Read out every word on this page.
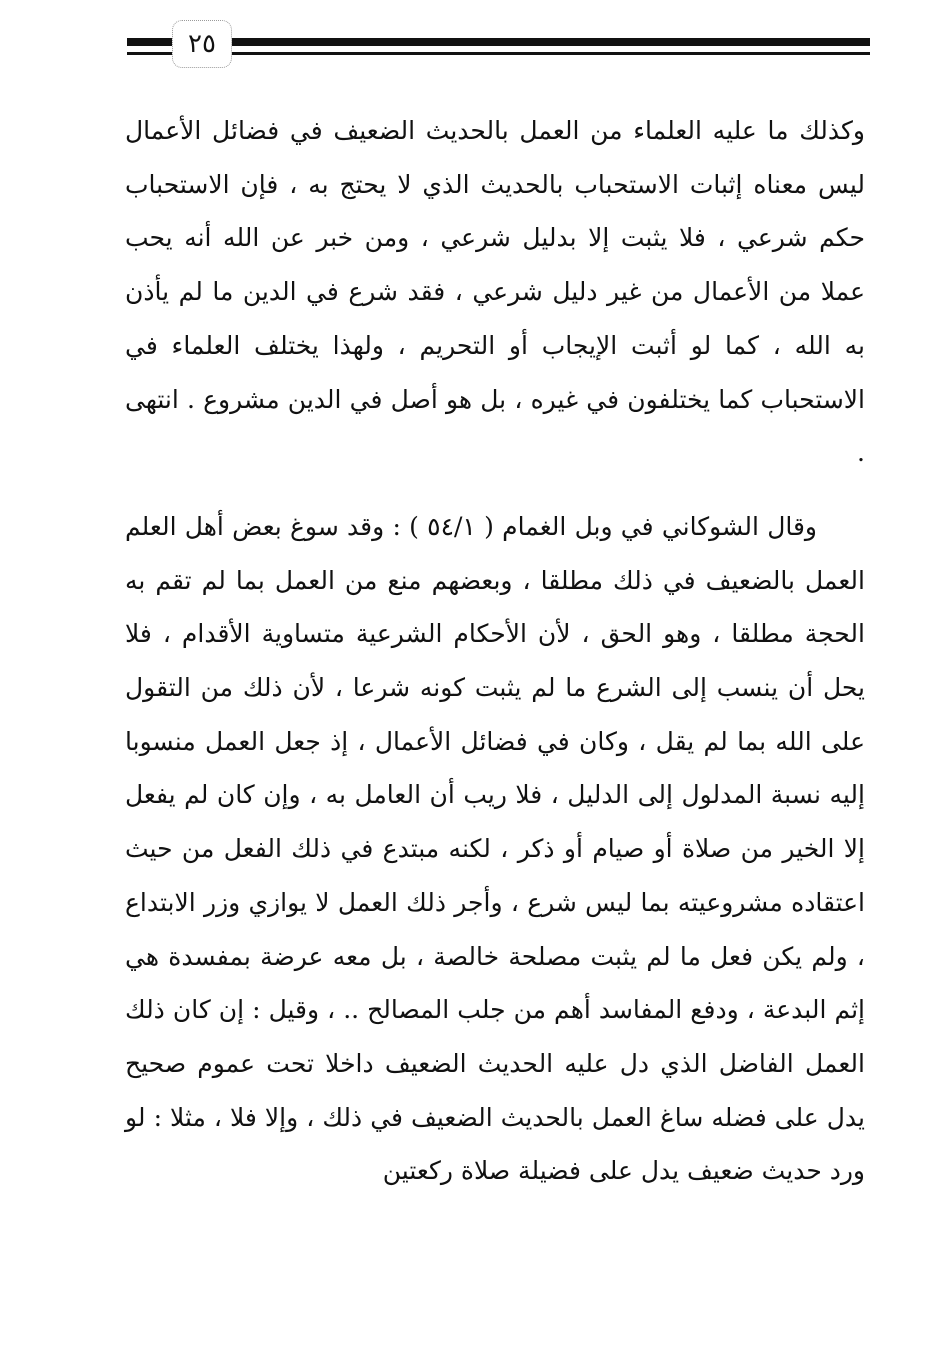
٢٥

وكذلك ما عليه العلماء من العمل بالحديث الضعيف في فضائل الأعمال ليس معناه إثبات الاستحباب بالحديث الذي لا يحتج به ، فإن الاستحباب حكم شرعي ، فلا يثبت إلا بدليل شرعي ، ومن خبر عن الله أنه يحب عملا من الأعمال من غير دليل شرعي ، فقد شرع في الدين ما لم يأذن به الله ، كما لو أثبت الإيجاب أو التحريم ، ولهذا يختلف العلماء في الاستحباب كما يختلفون في غيره ، بل هو أصل في الدين مشروع . انتهى .

وقال الشوكاني في وبل الغمام ( ٥٤/١ ) : وقد سوغ بعض أهل العلم العمل بالضعيف في ذلك مطلقا ، وبعضهم منع من العمل بما لم تقم به الحجة مطلقا ، وهو الحق ، لأن الأحكام الشرعية متساوية الأقدام ، فلا يحل أن ينسب إلى الشرع ما لم يثبت كونه شرعا ، لأن ذلك من التقول على الله بما لم يقل ، وكان في فضائل الأعمال ، إذ جعل العمل منسوبا إليه نسبة المدلول إلى الدليل ، فلا ريب أن العامل به ، وإن كان لم يفعل إلا الخير من صلاة أو صيام أو ذكر ، لكنه مبتدع في ذلك الفعل من حيث اعتقاده مشروعيته بما ليس شرع ، وأجر ذلك العمل لا يوازي وزر الابتداع ، ولم يكن فعل ما لم يثبت مصلحة خالصة ، بل معه عرضة بمفسدة هي إثم البدعة ، ودفع المفاسد أهم من جلب المصالح .. ، وقيل : إن كان ذلك العمل الفاضل الذي دل عليه الحديث الضعيف داخلا تحت عموم صحيح يدل على فضله ساغ العمل بالحديث الضعيف في ذلك ، وإلا فلا ، مثلا : لو ورد حديث ضعيف يدل على فضيلة صلاة ركعتين
